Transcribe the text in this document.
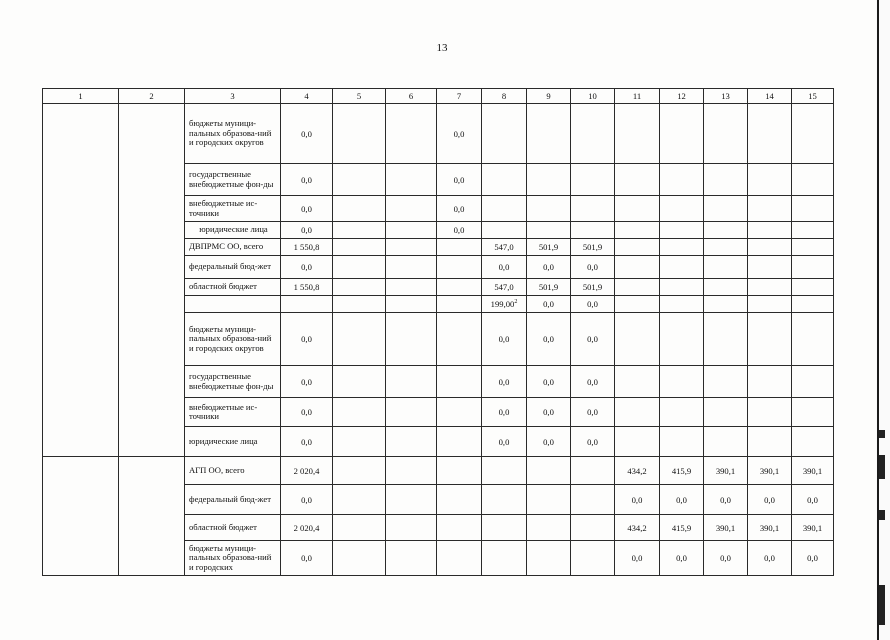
13
1	2	3	4	5	6	7	8	9	10	11	12	13	14	15
		бюджеты муници-пальных образова-ний и городских округов	0,0			0,0								
		государственные внебюджетные фон-ды	0,0			0,0								
		внебюджетные ис-точники	0,0			0,0								
		юридические лица	0,0			0,0								
		ДВПРМС ОО, всего	1 550,8				547,0	501,9	501,9					
		федеральный бюд-жет	0,0				0,0	0,0	0,0					
		областной бюджет	1 550,8				547,0	501,9	501,9					
							199,00$^2$	0,0	0,0					
		бюджеты муници-пальных образова-ний и городских округов	0,0				0,0	0,0	0,0					
		государственные внебюджетные фон-ды	0,0				0,0	0,0	0,0					
		внебюджетные ис-точники	0,0				0,0	0,0	0,0					
		юридические лица	0,0				0,0	0,0	0,0					
		АГП ОО, всего	2 020,4							434,2	415,9	390,1	390,1	390,1
		федеральный бюд-жет	0,0							0,0	0,0	0,0	0,0	0,0
		областной бюджет	2 020,4							434,2	415,9	390,1	390,1	390,1
		бюджеты муници-пальных образова-ний и городских	0,0							0,0	0,0	0,0	0,0	0,0
